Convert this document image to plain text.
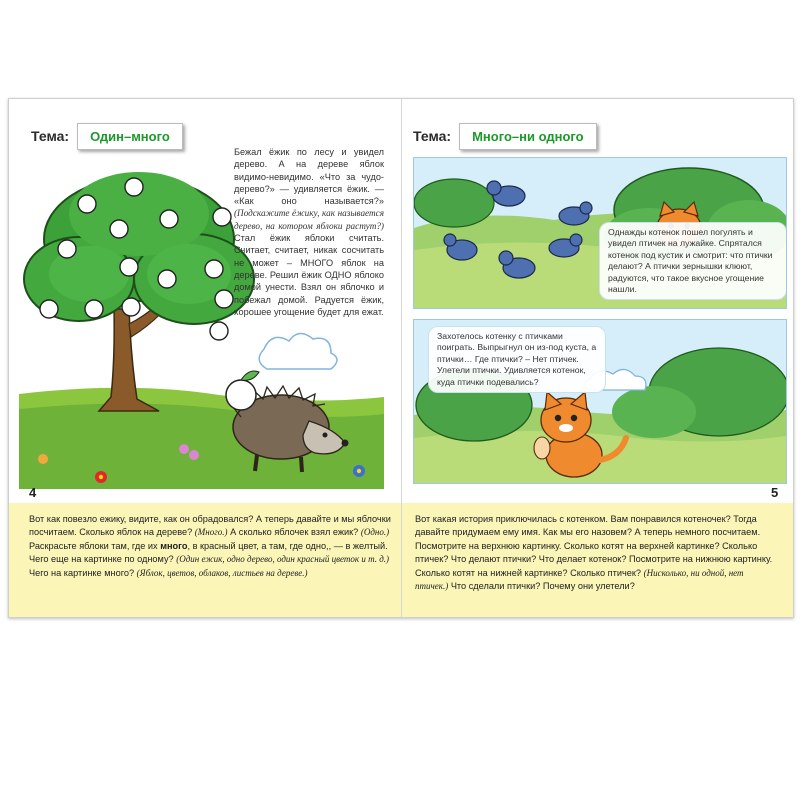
Тема:	Один–много
Бежал ёжик по лесу и увидел дерево. А на дереве яблок видимо-невидимо. «Что за чудо-дерево?» — удивляется ёжик. — «Как оно называется?» (Подскажите ёжику, как называется дерево, на котором яблоки растут?) Стал ёжик яблоки считать. Считает, считает, никак сосчитать не может – МНОГО яблок на дереве. Решил ёжик ОДНО яблоко домой унести. Взял он яблочко и побежал домой. Радуется ёжик, хорошее угощение будет для ежат.
4
Вот как повезло ежику, видите, как он обрадовался? А теперь давайте и мы яблочки посчитаем. Сколько яблок на дереве? (Много.) А сколько яблочек взял ежик? (Одно.) Раскрасьте яблоки там, где их много, в красный цвет, а там, где одно,, — в желтый. Чего еще на картинке по одному? (Один ежик, одно дерево, один красный цветок и т. д.) Чего на картинке много? (Яблок, цветов, облаков, листьев на дереве.)
Тема:	Много–ни одного
Однажды котенок пошел погулять и увидел птичек на лужайке. Спрятался котенок под кустик и смотрит: что птички делают? А птички зернышки клюют, радуются, что такое вкусное угощение нашли.
Захотелось котенку с птичками поиграть. Выпрыгнул он из-под куста, а птички… Где птички? – Нет птичек. Улетели птички. Удивляется котенок, куда птички подевались?
5
Вот какая история приключилась с котенком. Вам понравился котеночек? Тогда давайте придумаем ему имя. Как мы его назовем? А теперь немного посчитаем. Посмотрите на верхнюю картинку. Сколько котят на верхней картинке? Сколько птичек? Что делают птички? Что делает котенок? Посмотрите на нижнюю картинку. Сколько котят на нижней картинке? Сколько птичек? (Нисколько, ни одной, нет птичек.) Что сделали птички? Почему они улетели?
